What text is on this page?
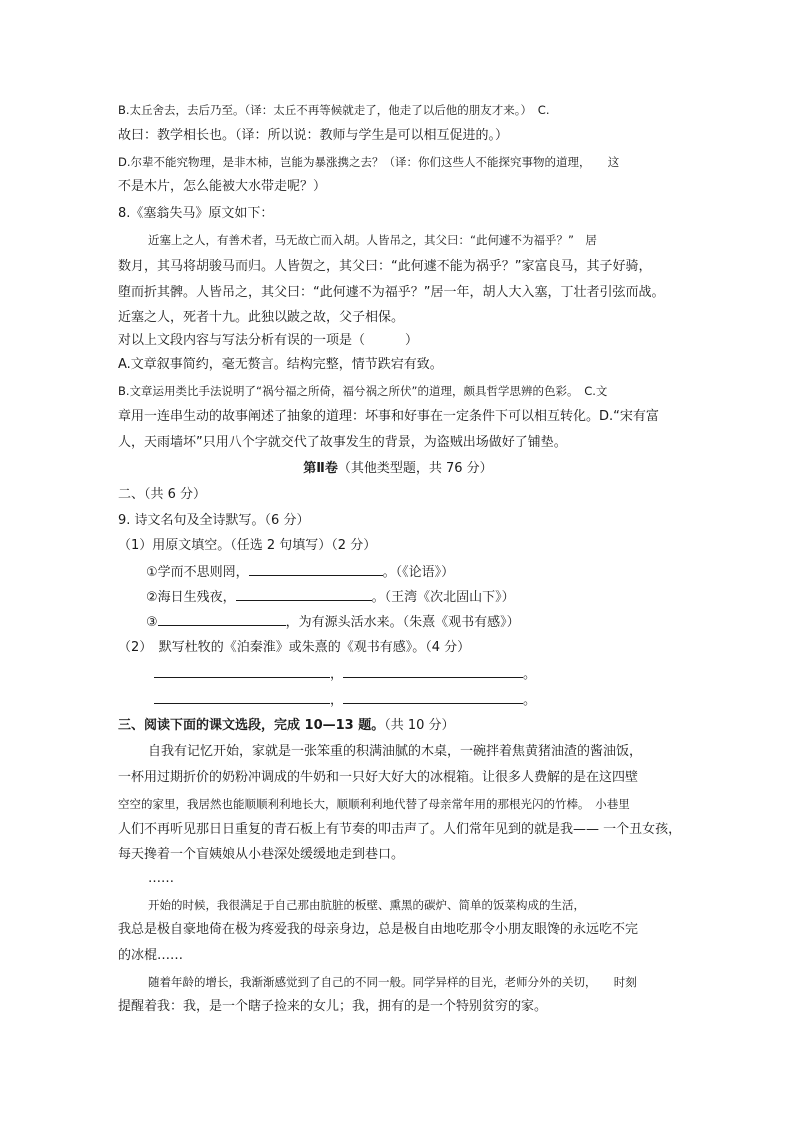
B.太丘舍去，去后乃至。（译：太丘不再等候就走了，他走了以后他的朋友才来。）　C.
故曰：教学相长也。（译：所以说：教师与学生是可以相互促进的。）
D.尔辈不能究物理，是非木柿，岂能为暴涨携之去？（译：你们这些人不能探究事物的道理，　　这
不是木片，怎么能被大水带走呢？）
8.《塞翁失马》原文如下：
近塞上之人，有善术者，马无故亡而入胡。人皆吊之，其父曰：“此何遽不为福乎？”　居
数月，其马将胡骏马而归。人皆贺之，其父曰：“此何遽不能为祸乎？”家富良马，其子好骑，
堕而折其髀。人皆吊之，其父曰：“此何遽不为福乎？”居一年，胡人大入塞，丁壮者引弦而战。
近塞之人，死者十九。此独以跛之故，父子相保。
对以上文段内容与写法分析有误的一项是（	）
A.文章叙事简约，毫无赘言。结构完整，情节跌宕有致。
B.文章运用类比手法说明了“祸兮福之所倚，福兮祸之所伏”的道理，颇具哲学思辨的色彩。　C.文
章用一连串生动的故事阐述了抽象的道理：坏事和好事在一定条件下可以相互转化。D.“宋有富
人，天雨墙坏”只用八个字就交代了故事发生的背景，为盗贼出场做好了铺垫。
第Ⅱ卷（其他类型题，共 76 分）
二、（共 6 分）
9. 诗文名句及全诗默写。（6 分）
（1）用原文填空。（任选 2 句填写）（2 分）
①学而不思则罔，	。（《论语》）
②海日生残夜，	。（王湾《次北固山下》）
③	，为有源头活水来。（朱熹《观书有感》）
（2）　默写杜牧的《泊秦淮》或朱熹的《观书有感》。（4 分）
，	。
，	。
三、阅读下面的课文选段，完成 10—13 题。（共 10 分）
自我有记忆开始，家就是一张笨重的积满油腻的木桌，一碗拌着焦黄猪油渣的酱油饭，
一杯用过期折价的奶粉冲调成的牛奶和一只好大好大的冰棍箱。让很多人费解的是在这四壁
空空的家里，我居然也能顺顺利利地长大，顺顺利利地代替了母亲常年用的那根光闪的竹棒。　小巷里
人们不再听见那日日重复的青石板上有节奏的叩击声了。人们常年见到的就是我—— 一个丑女孩，
每天搀着一个盲姨娘从小巷深处缓缓地走到巷口。
……
开始的时候，我很满足于自己那由肮脏的板壁、熏黑的碳炉、简单的饭菜构成的生活，
我总是极自豪地倚在极为疼爱我的母亲身边，总是极自由地吃那令小朋友眼馋的永远吃不完
的冰棍……
随着年龄的增长，我渐渐感觉到了自己的不同一般。同学异样的目光，老师分外的关切，　　时刻
提醒着我：我，是一个瞎子捡来的女儿；我，拥有的是一个特别贫穷的家。
